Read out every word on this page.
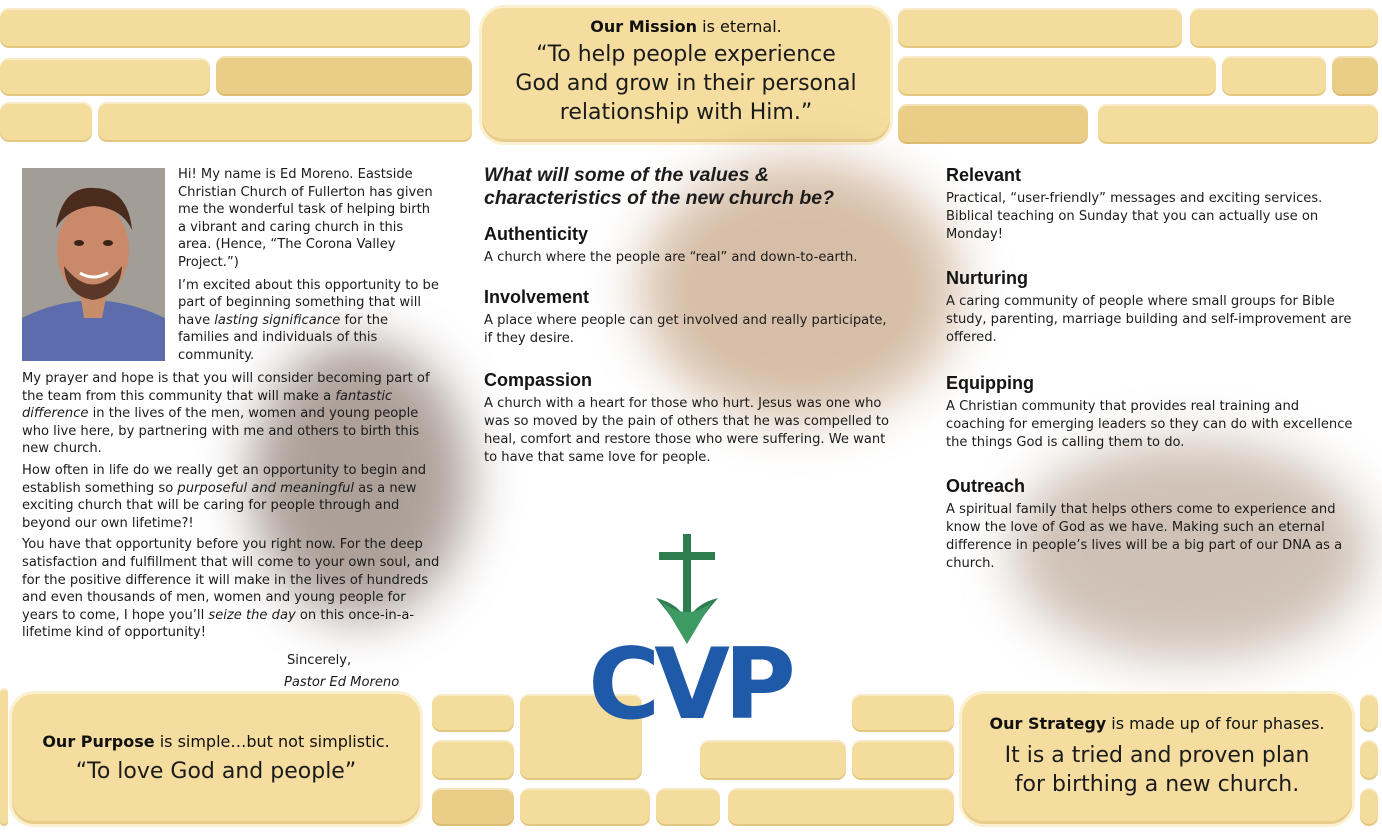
Our Mission is eternal.
“To help people experience
God and grow in their personal
relationship with Him.”

Hi! My name is Ed Moreno. Eastside Christian Church of Fullerton has given me the wonderful task of helping birth a vibrant and caring church in this area. (Hence, “The Corona Valley Project.”)

I’m excited about this opportunity to be part of beginning something that will have lasting significance for the families and individuals of this community.

My prayer and hope is that you will consider becoming part of the team from this community that will make a fantastic difference in the lives of the men, women and young people who live here, by partnering with me and others to birth this new church.

How often in life do we really get an opportunity to begin and establish something so purposeful and meaningful as a new exciting church that will be caring for people through and beyond our own lifetime?!

You have that opportunity before you right now. For the deep satisfaction and fulfillment that will come to your own soul, and for the positive difference it will make in the lives of hundreds and even thousands of men, women and young people for years to come, I hope you’ll seize the day on this once-in-a-lifetime kind of opportunity!

Sincerely,
Pastor Ed Moreno
What will some of the values &
characteristics of the new church be?
Authenticity
A church where the people are “real” and down-to-earth.
Involvement
A place where people can get involved and really participate, if they desire.
Compassion
A church with a heart for those who hurt. Jesus was one who was so moved by the pain of others that he was compelled to heal, comfort and restore those who were suffering. We want to have that same love for people.
Relevant
Practical, “user-friendly” messages and exciting services. Biblical teaching on Sunday that you can actually use on Monday!
Nurturing
A caring community of people where small groups for Bible study, parenting, marriage building and self-improvement are offered.
Equipping
A Christian community that provides real training and coaching for emerging leaders so they can do with excellence the things God is calling them to do.
Outreach
A spiritual family that helps others come to experience and know the love of God as we have. Making such an eternal difference in people’s lives will be a big part of our DNA as a church.
CVP
Our Purpose is simple…but not simplistic.
“To love God and people”
Our Strategy is made up of four phases.
It is a tried and proven plan
for birthing a new church.
